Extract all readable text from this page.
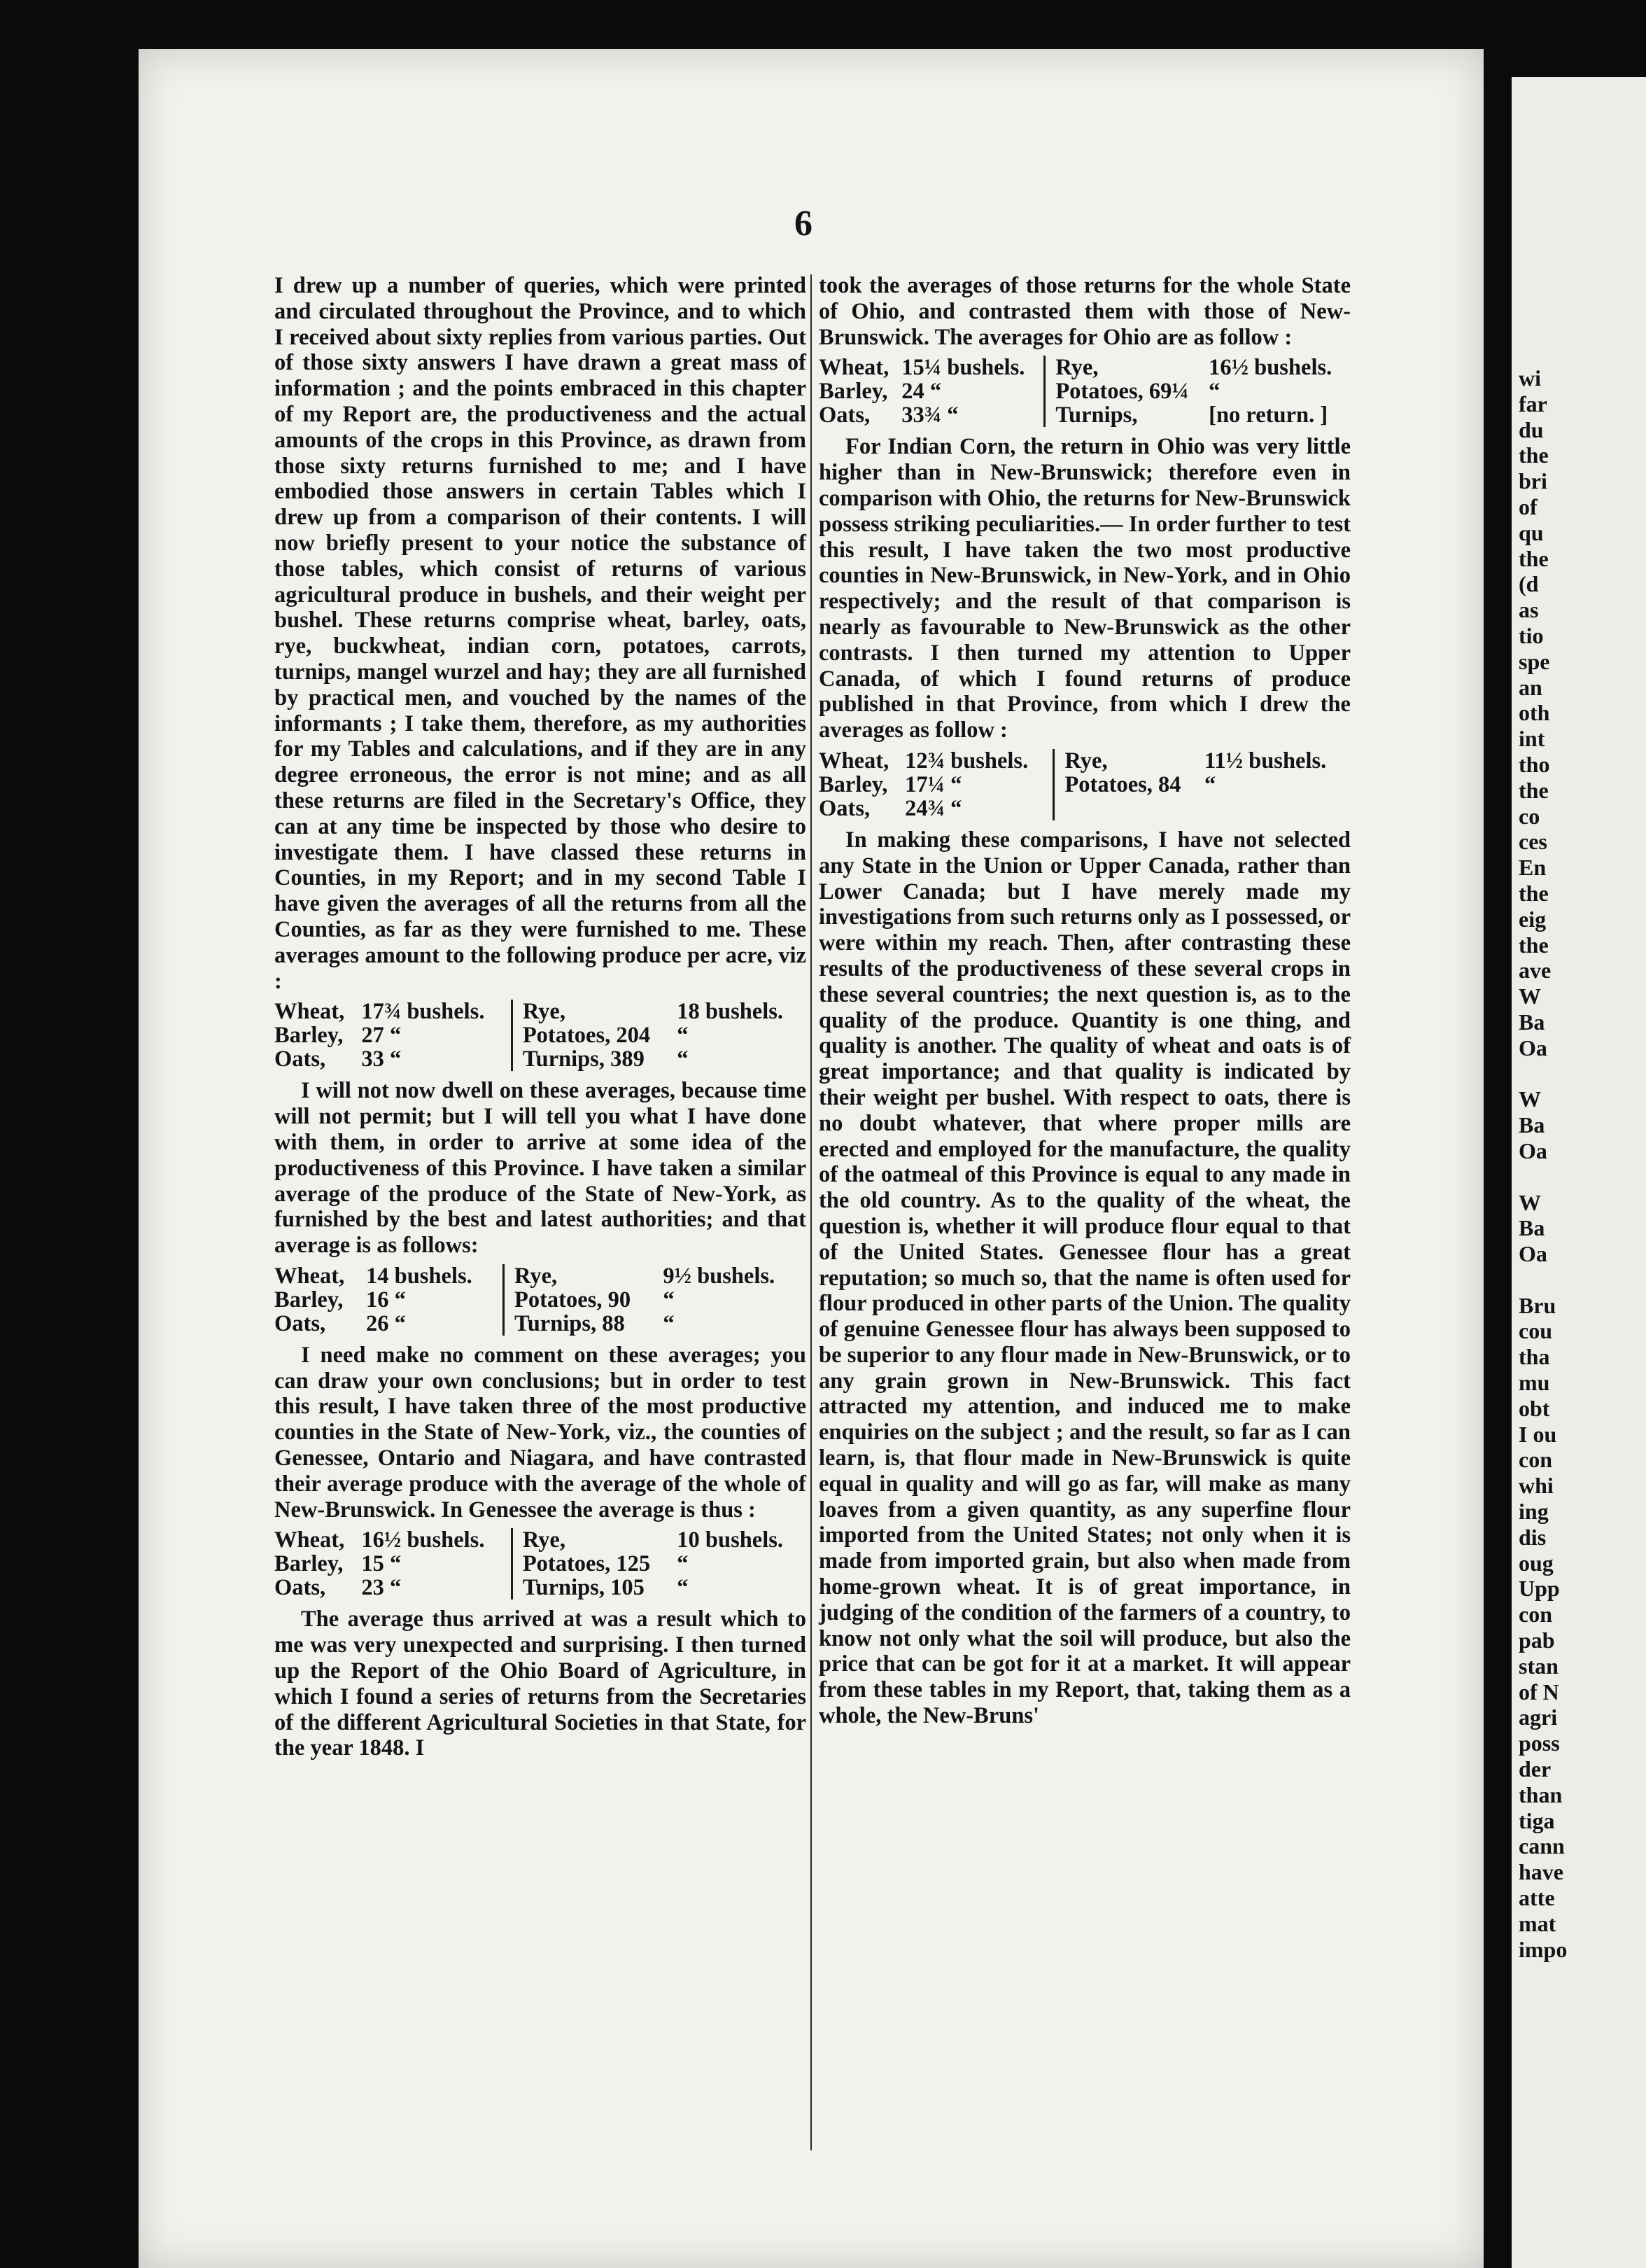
6

I drew up a number of queries, which were printed and circulated throughout the Province, and to which I received about sixty replies from various parties. Out of those sixty answers I have drawn a great mass of information ; and the points embraced in this chapter of my Report are, the productiveness and the actual amounts of the crops in this Province, as drawn from those sixty returns furnished to me; and I have embodied those answers in certain Tables which I drew up from a comparison of their contents. I will now briefly present to your notice the substance of those tables, which consist of returns of various agricultural produce in bushels, and their weight per bushel. These returns comprise wheat, barley, oats, rye, buckwheat, indian corn, potatoes, carrots, turnips, mangel wurzel and hay; they are all furnished by practical men, and vouched by the names of the informants ; I take them, therefore, as my authorities for my Tables and calculations, and if they are in any degree erroneous, the error is not mine; and as all these returns are filed in the Secretary's Office, they can at any time be inspected by those who desire to investigate them. I have classed these returns in Counties, in my Report; and in my second Table I have given the averages of all the returns from all the Counties, as far as they were furnished to me. These averages amount to the following produce per acre, viz :

Wheat,	17¾ bushels.		Rye,	18 bushels.
Barley,	27 “		Potatoes, 204	“
Oats,	33 “		Turnips, 389	“

I will not now dwell on these averages, because time will not permit; but I will tell you what I have done with them, in order to arrive at some idea of the productiveness of this Province. I have taken a similar average of the produce of the State of New-York, as furnished by the best and latest authorities; and that average is as follows:

Wheat,	14 bushels.		Rye,	9½ bushels.
Barley,	16 “		Potatoes, 90	“
Oats,	26 “		Turnips, 88	“

I need make no comment on these averages; you can draw your own conclusions; but in order to test this result, I have taken three of the most productive counties in the State of New-York, viz., the counties of Genessee, Ontario and Niagara, and have contrasted their average produce with the average of the whole of New-Brunswick. In Genessee the average is thus :

Wheat,	16½ bushels.		Rye,	10 bushels.
Barley,	15 “		Potatoes, 125	“
Oats,	23 “		Turnips, 105	“

The average thus arrived at was a result which to me was very unexpected and surprising. I then turned up the Report of the Ohio Board of Agriculture, in which I found a series of returns from the Secretaries of the different Agricultural Societies in that State, for the year 1848. I

took the averages of those returns for the whole State of Ohio, and contrasted them with those of New-Brunswick. The averages for Ohio are as follow :

Wheat,	15¼ bushels.		Rye,	16½ bushels.
Barley,	24 “		Potatoes, 69¼	“
Oats,	33¾ “		Turnips,	[no return. ]

For Indian Corn, the return in Ohio was very little higher than in New-Brunswick; therefore even in comparison with Ohio, the returns for New-Brunswick possess striking peculiarities.— In order further to test this result, I have taken the two most productive counties in New-Brunswick, in New-York, and in Ohio respectively; and the result of that comparison is nearly as favourable to New-Brunswick as the other contrasts. I then turned my attention to Upper Canada, of which I found returns of produce published in that Province, from which I drew the averages as follow :

Wheat,	12¾ bushels.		Rye,	11½ bushels.
Barley,	17¼ “		Potatoes, 84	“
Oats,	24¾ “			

In making these comparisons, I have not selected any State in the Union or Upper Canada, rather than Lower Canada; but I have merely made my investigations from such returns only as I possessed, or were within my reach. Then, after contrasting these results of the productiveness of these several crops in these several countries; the next question is, as to the quality of the produce. Quantity is one thing, and quality is another. The quality of wheat and oats is of great importance; and that quality is indicated by their weight per bushel. With respect to oats, there is no doubt whatever, that where proper mills are erected and employed for the manufacture, the quality of the oatmeal of this Province is equal to any made in the old country. As to the quality of the wheat, the question is, whether it will produce flour equal to that of the United States. Genessee flour has a great reputation; so much so, that the name is often used for flour produced in other parts of the Union. The quality of genuine Genessee flour has always been supposed to be superior to any flour made in New-Brunswick, or to any grain grown in New-Brunswick. This fact attracted my attention, and induced me to make enquiries on the subject ; and the result, so far as I can learn, is, that flour made in New-Brunswick is quite equal in quality and will go as far, will make as many loaves from a given quantity, as any superfine flour imported from the United States; not only when it is made from imported grain, but also when made from home-grown wheat. It is of great importance, in judging of the condition of the farmers of a country, to know not only what the soil will produce, but also the price that can be got for it at a market. It will appear from these tables in my Report, that, taking them as a whole, the New-Bruns'

wi
far
du
the
bri
of
qu
the
(d
as
tio
spe
an
oth
int
tho
the
co
ces
En
the
eig
the
ave
W
Ba
Oa

W
Ba
Oa

W
Ba
Oa

Bru
cou
tha
mu
obt
I ou
con
whi
ing
dis
oug
Upp
con
pab
stan
of N
agri
poss
der
than
tiga
cann
have
atte
mat
impo
